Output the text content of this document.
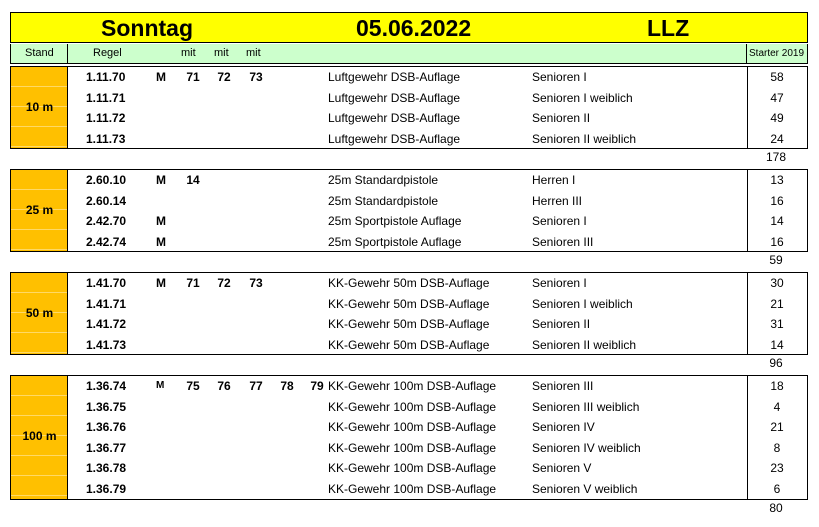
Sonntag	05.06.2022	LLZ
Stand	Regel	mit mit mit	Starter 2019
10 m
1.11.70	M 71 72 73	Luftgewehr DSB-Auflage	Senioren I	58
1.11.71	Luftgewehr DSB-Auflage	Senioren I weiblich	47
1.11.72	Luftgewehr DSB-Auflage	Senioren II	49
1.11.73	Luftgewehr DSB-Auflage	Senioren II weiblich	24
178
25 m
2.60.10 M 14	25m Standardpistole	Herren I	13
2.60.14	25m Standardpistole	Herren III	16
2.42.70 M	25m Sportpistole Auflage	Senioren I	14
2.42.74 M	25m Sportpistole Auflage	Senioren III	16
59
50 m
1.41.70 M 71 72 73	KK-Gewehr 50m DSB-Auflage	Senioren I	30
1.41.71	KK-Gewehr 50m DSB-Auflage	Senioren I weiblich	21
1.41.72	KK-Gewehr 50m DSB-Auflage	Senioren II	31
1.41.73	KK-Gewehr 50m DSB-Auflage	Senioren II weiblich	14
96
100 m
1.36.74	M 75 76 77 78 79 KK-Gewehr 100m DSB-Auflage	Senioren III	18
1.36.75	KK-Gewehr 100m DSB-Auflage	Senioren III weiblich	4
1.36.76	KK-Gewehr 100m DSB-Auflage	Senioren IV	21
1.36.77	KK-Gewehr 100m DSB-Auflage	Senioren IV weiblich	8
1.36.78	KK-Gewehr 100m DSB-Auflage	Senioren V	23
1.36.79	KK-Gewehr 100m DSB-Auflage	Senioren V weiblich	6
80
